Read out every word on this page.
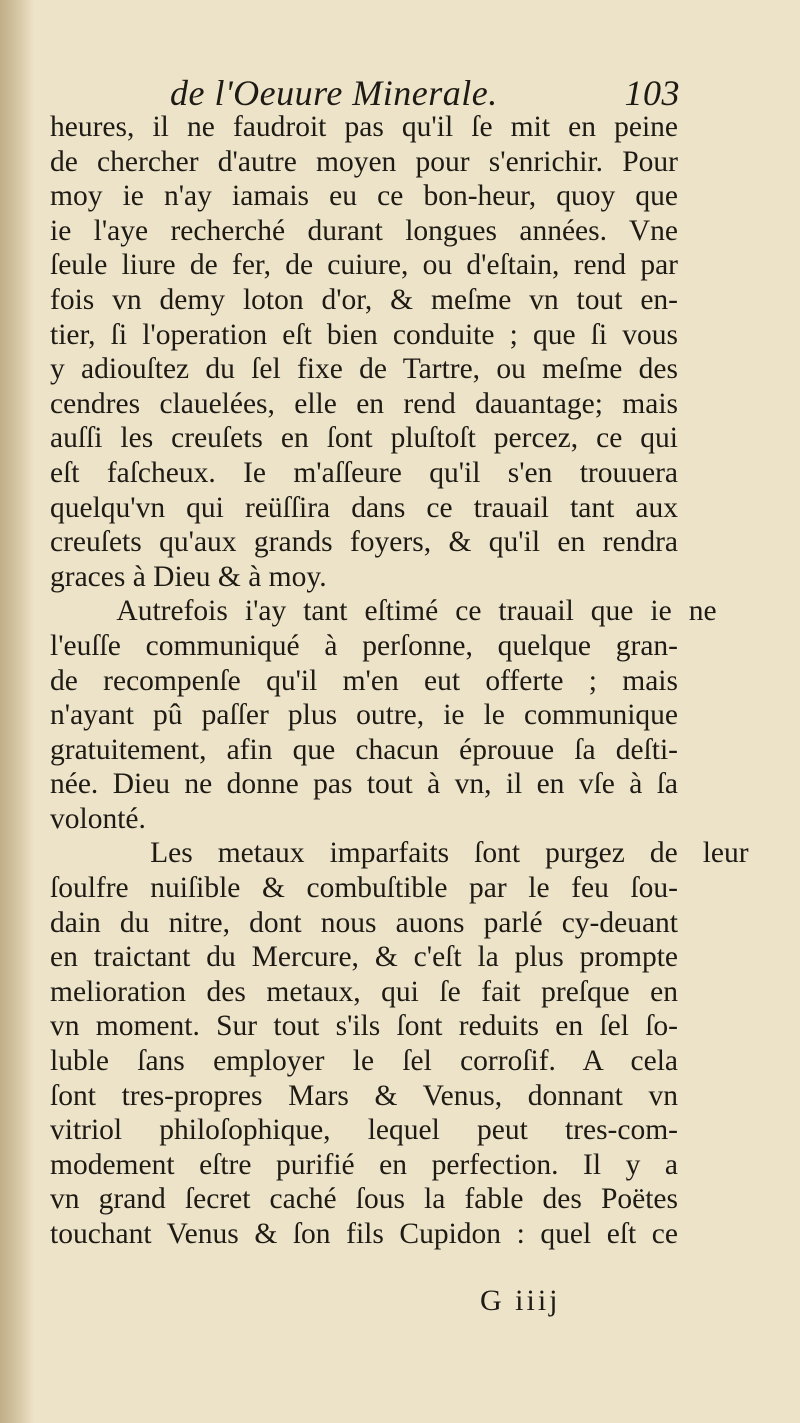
de l'Oeuure Minerale.	103
heures, il ne faudroit pas qu'il ſe mit en peine
de chercher d'autre moyen pour s'enrichir. Pour
moy ie n'ay iamais eu ce bon-heur, quoy que
ie l'aye recherché durant longues années. Vne
ſeule liure de fer, de cuiure, ou d'eſtain, rend par
fois vn demy loton d'or, & meſme vn tout en-
tier, ſi l'operation eſt bien conduite ; que ſi vous
y adiouſtez du ſel fixe de Tartre, ou meſme des
cendres clauelées, elle en rend dauantage; mais
auſſi les creuſets en ſont pluſtoſt percez, ce qui
eſt faſcheux. Ie m'aſſeure qu'il s'en trouuera
quelqu'vn qui reüſſira dans ce trauail tant aux
creuſets qu'aux grands foyers, & qu'il en rendra
graces à Dieu & à moy.
Autrefois i'ay tant eſtimé ce trauail que ie ne
l'euſſe communiqué à perſonne, quelque gran-
de recompenſe qu'il m'en eut offerte ; mais
n'ayant pû paſſer plus outre, ie le communique
gratuitement, afin que chacun éprouue ſa deſti-
née. Dieu ne donne pas tout à vn, il en vſe à ſa
volonté.
Les metaux imparfaits ſont purgez de leur
ſoulfre nuiſible & combuſtible par le feu ſou-
dain du nitre, dont nous auons parlé cy-deuant
en traictant du Mercure, & c'eſt la plus prompte
melioration des metaux, qui ſe fait preſque en
vn moment. Sur tout s'ils ſont reduits en ſel ſo-
luble ſans employer le ſel corroſif. A cela
ſont tres-propres Mars & Venus, donnant vn
vitriol philoſophique, lequel peut tres-com-
modement eſtre purifié en perfection. Il y a
vn grand ſecret caché ſous la fable des Poëtes
touchant Venus & ſon fils Cupidon : quel eſt ce
G iiij
